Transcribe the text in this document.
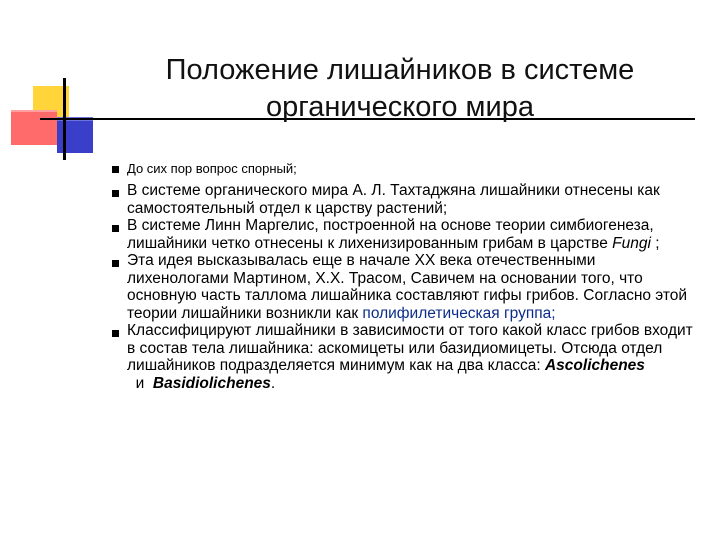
Положение лишайников в системе
органического мира
До сих пор вопрос спорный;
В системе органического мира А. Л. Тахтаджяна лишайники отнесены как самостоятельный отдел к царству растений;
В системе Линн Маргелис, построенной на основе теории симбиогенеза, лишайники четко отнесены к лихенизированным грибам в царстве Fungi ;
Эта идея высказывалась еще в начале XX века отечественными лихенологами Мартином, Х.Х. Трасом, Савичем на основании того, что основную часть таллома лишайника составляют гифы грибов. Согласно этой теории лишайники возникли как полифилетическая группа;
Классифицируют лишайники в зависимости от того какой класс грибов входит в состав тела лишайника: аскомицеты или базидиомицеты. Отсюда отдел лишайников подразделяется минимум как на два класса: Ascolichenes  и  Basidiolichenes.
